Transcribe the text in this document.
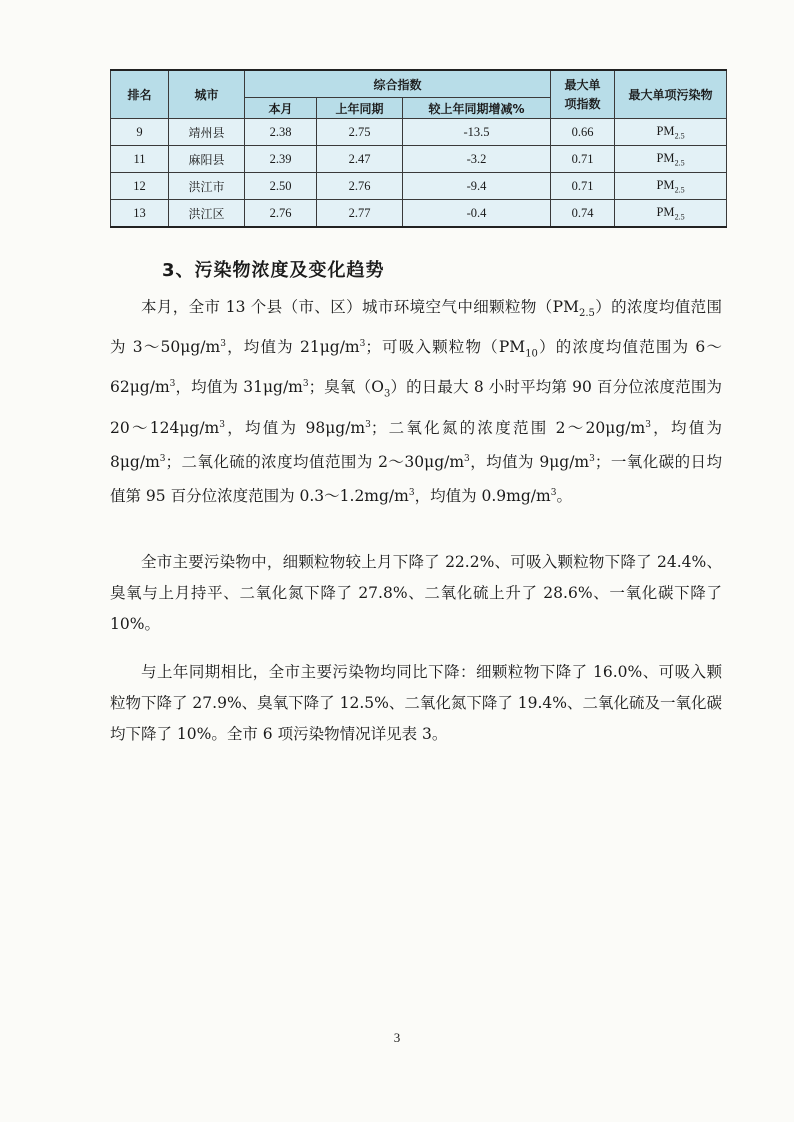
排名	城市	综合指数			最大单项指数	最大单项污染物
		本月	上年同期	较上年同期增减%		
9	靖州县	2.38	2.75	-13.5	0.66	$PM_{2.5}$
11	麻阳县	2.39	2.47	-3.2	0.71	$PM_{2.5}$
12	洪江市	2.50	2.76	-9.4	0.71	$PM_{2.5}$
13	洪江区	2.76	2.77	-0.4	0.74	$PM_{2.5}$
3、污染物浓度及变化趋势

本月，全市 13 个县（市、区）城市环境空气中细颗粒物$(PM_{2.5})$的浓度均值范围为 $3\sim 50\mu g/m^3$，均值为 $21\mu g/m^3$；可吸入颗粒物$(PM_{10})$的浓度均值范围为 $6\sim 62\mu g/m^3$，均值为 $31\mu g/m^3$；臭氧$(O_3)$的日最大 8 小时平均第 90 百分位浓度范围为 $20\sim 124\mu g/m^3$，均值为 $98\mu g/m^3$；二氧化氮的浓度范围 $2\sim 20\mu g/m^3$，均值为 $8\mu g/m^3$；二氧化硫的浓度均值范围为 $2\sim 30\mu g/m^3$，均值为 $9\mu g/m^3$；一氧化碳的日均值第 95 百分位浓度范围为 $0.3\sim 1.2mg/m^3$，均值为 $0.9mg/m^3$。

全市主要污染物中，细颗粒物较上月下降了 22.2%、可吸入颗粒物下降了 24.4%、臭氧与上月持平、二氧化氮下降了 27.8%、二氧化硫上升了 28.6%、一氧化碳下降了 10%。

与上年同期相比，全市主要污染物均同比下降：细颗粒物下降了 16.0%、可吸入颗粒物下降了 27.9%、臭氧下降了 12.5%、二氧化氮下降了 19.4%、二氧化硫及一氧化碳均下降了 10%。全市 6 项污染物情况详见表 3。

3
